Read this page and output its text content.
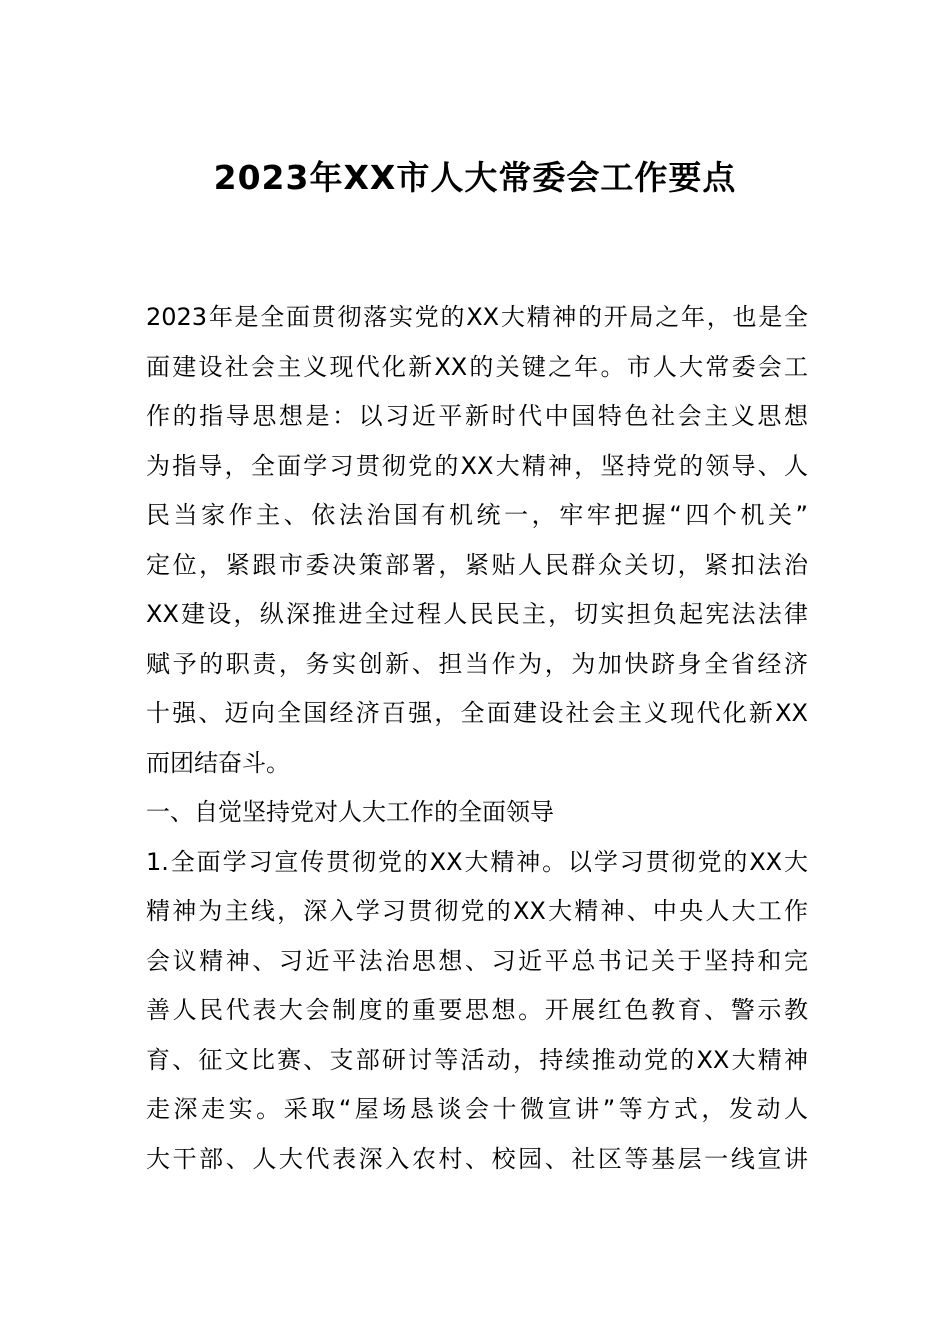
2023年XX市人大常委会工作要点
2023年是全面贯彻落实党的XX大精神的开局之年，也是全
面建设社会主义现代化新XX的关键之年。市人大常委会工
作的指导思想是：以习近平新时代中国特色社会主义思想
为指导，全面学习贯彻党的XX大精神，坚持党的领导、人
民当家作主、依法治国有机统一，牢牢把握“四个机关”
定位，紧跟市委决策部署，紧贴人民群众关切，紧扣法治
XX建设，纵深推进全过程人民民主，切实担负起宪法法律
赋予的职责，务实创新、担当作为，为加快跻身全省经济
十强、迈向全国经济百强，全面建设社会主义现代化新XX
而团结奋斗。
一、自觉坚持党对人大工作的全面领导
1.全面学习宣传贯彻党的XX大精神。以学习贯彻党的XX大
精神为主线，深入学习贯彻党的XX大精神、中央人大工作
会议精神、习近平法治思想、习近平总书记关于坚持和完
善人民代表大会制度的重要思想。开展红色教育、警示教
育、征文比赛、支部研讨等活动，持续推动党的XX大精神
走深走实。采取“屋场恳谈会十微宣讲”等方式，发动人
大干部、人大代表深入农村、校园、社区等基层一线宣讲
